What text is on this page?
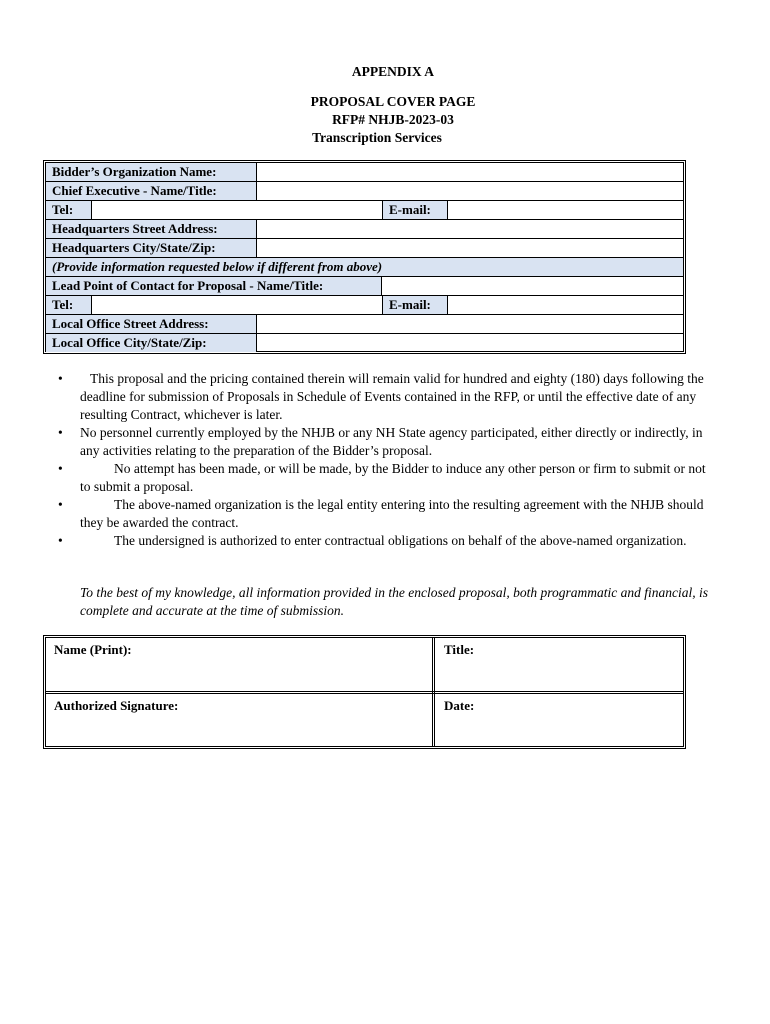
APPENDIX A
PROPOSAL COVER PAGE
RFP# NHJB-2023-03
Transcription Services
Bidder’s Organization Name:
Chief Executive - Name/Title:
Tel:	E-mail:
Headquarters Street Address:
Headquarters City/State/Zip:
(Provide information requested below if different from above)
Lead Point of Contact for Proposal - Name/Title:
Tel:	E-mail:
Local Office Street Address:
Local Office City/State/Zip:
•	This proposal and the pricing contained therein will remain valid for hundred and eighty (180) days following the deadline for submission of Proposals in Schedule of Events contained in the RFP, or until the effective date of any resulting Contract, whichever is later.
•	No personnel currently employed by the NHJB or any NH State agency participated, either directly or indirectly, in any activities relating to the preparation of the Bidder’s proposal.
•	No attempt has been made, or will be made, by the Bidder to induce any other person or firm to submit or not to submit a proposal.
•	The above-named organization is the legal entity entering into the resulting agreement with the NHJB should they be awarded the contract.
•	The undersigned is authorized to enter contractual obligations on behalf of the above-named organization.
To the best of my knowledge, all information provided in the enclosed proposal, both programmatic and financial, is complete and accurate at the time of submission.
Name (Print):	Title:
Authorized Signature:	Date:
